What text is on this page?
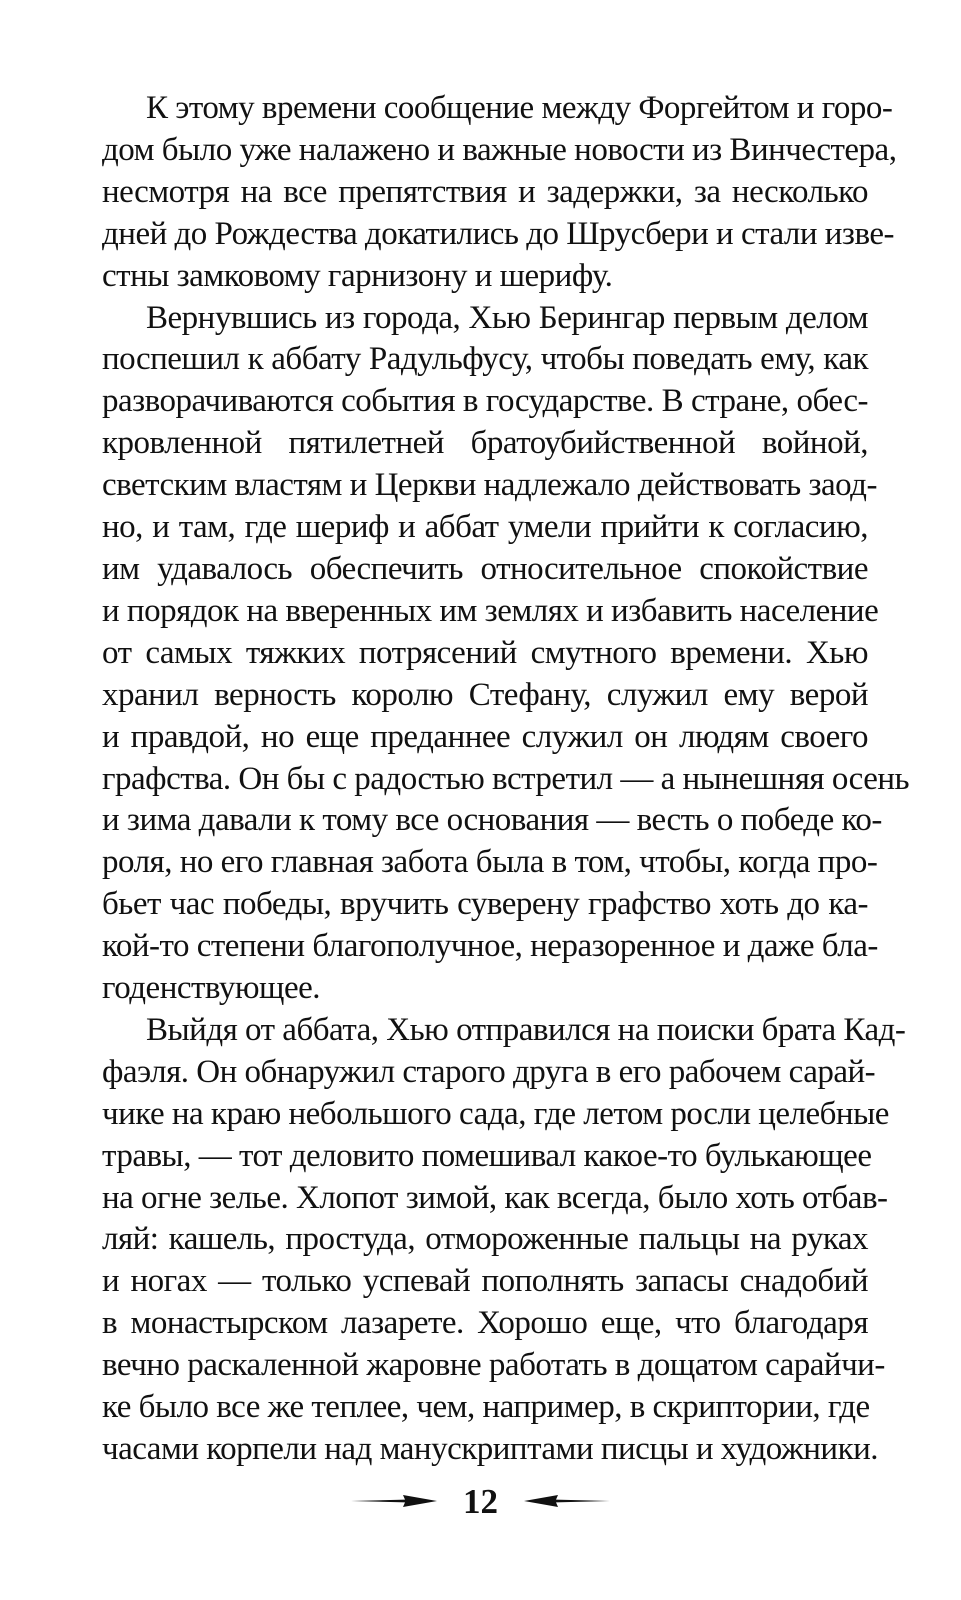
К этому времени сообщение между Форгейтом и горо-
дом было уже налажено и важные новости из Винчестера,
несмотря на все препятствия и задержки, за несколько
дней до Рождества докатились до Шрусбери и стали изве-
стны замковому гарнизону и шерифу.
Вернувшись из города, Хью Берингар первым делом
поспешил к аббату Радульфусу, чтобы поведать ему, как
разворачиваются события в государстве. В стране, обес-
кровленной пятилетней братоубийственной войной,
светским властям и Церкви надлежало действовать заод-
но, и там, где шериф и аббат умели прийти к согласию,
им удавалось обеспечить относительное спокойствие
и порядок на вверенных им землях и избавить население
от самых тяжких потрясений смутного времени. Хью
хранил верность королю Стефану, служил ему верой
и правдой, но еще преданнее служил он людям своего
графства. Он бы с радостью встретил — а нынешняя осень
и зима давали к тому все основания — весть о победе ко-
роля, но его главная забота была в том, чтобы, когда про-
бьет час победы, вручить суверену графство хоть до ка-
кой-то степени благополучное, неразоренное и даже бла-
годенствующее.
Выйдя от аббата, Хью отправился на поиски брата Кад-
фаэля. Он обнаружил старого друга в его рабочем сарай-
чике на краю небольшого сада, где летом росли целебные
травы, — тот деловито помешивал какое-то булькающее
на огне зелье. Хлопот зимой, как всегда, было хоть отбав-
ляй: кашель, простуда, отмороженные пальцы на руках
и ногах — только успевай пополнять запасы снадобий
в монастырском лазарете. Хорошо еще, что благодаря
вечно раскаленной жаровне работать в дощатом сарайчи-
ке было все же теплее, чем, например, в скриптории, где
часами корпели над манускриптами писцы и художники.
12
